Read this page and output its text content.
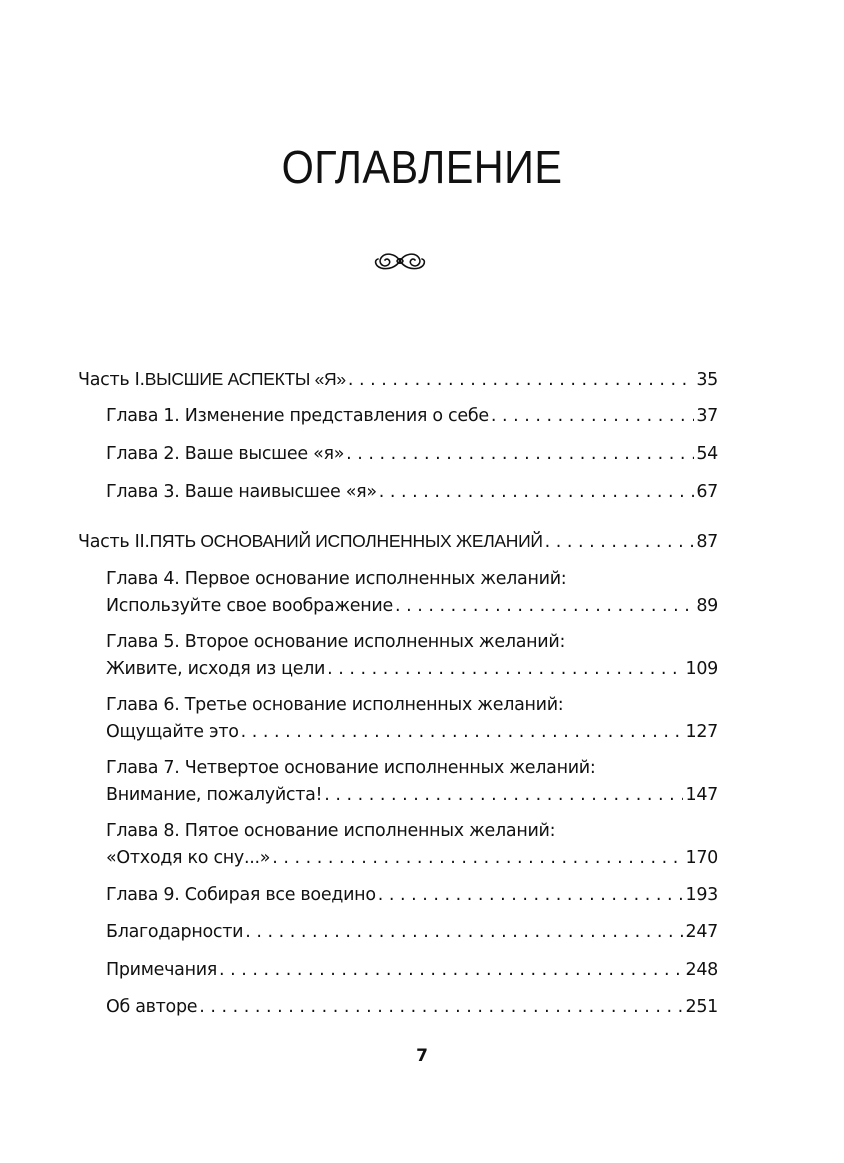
ОГЛАВЛЕНИЕ
Часть I. ВЫСШИЕ АСПЕКТЫ «Я» . . .	35
Глава 1. Изменение представления о себе . . .	37
Глава 2. Ваше высшее «я» . . .	54
Глава 3. Ваше наивысшее «я» . . .	67
Часть II. ПЯТЬ ОСНОВАНИЙ ИСПОЛНЕННЫХ ЖЕЛАНИЙ . . .	87
Глава 4. Первое основание исполненных желаний:
Используйте свое воображение . . .	89
Глава 5. Второе основание исполненных желаний:
Живите, исходя из цели . . .	109
Глава 6. Третье основание исполненных желаний:
Ощущайте это . . .	127
Глава 7. Четвертое основание исполненных желаний:
Внимание, пожалуйста! . . .	147
Глава 8. Пятое основание исполненных желаний:
«Отходя ко сну...» . . .	170
Глава 9. Собирая все воедино . . .	193
Благодарности . . .	247
Примечания . . .	248
Об авторе . . .	251
7
